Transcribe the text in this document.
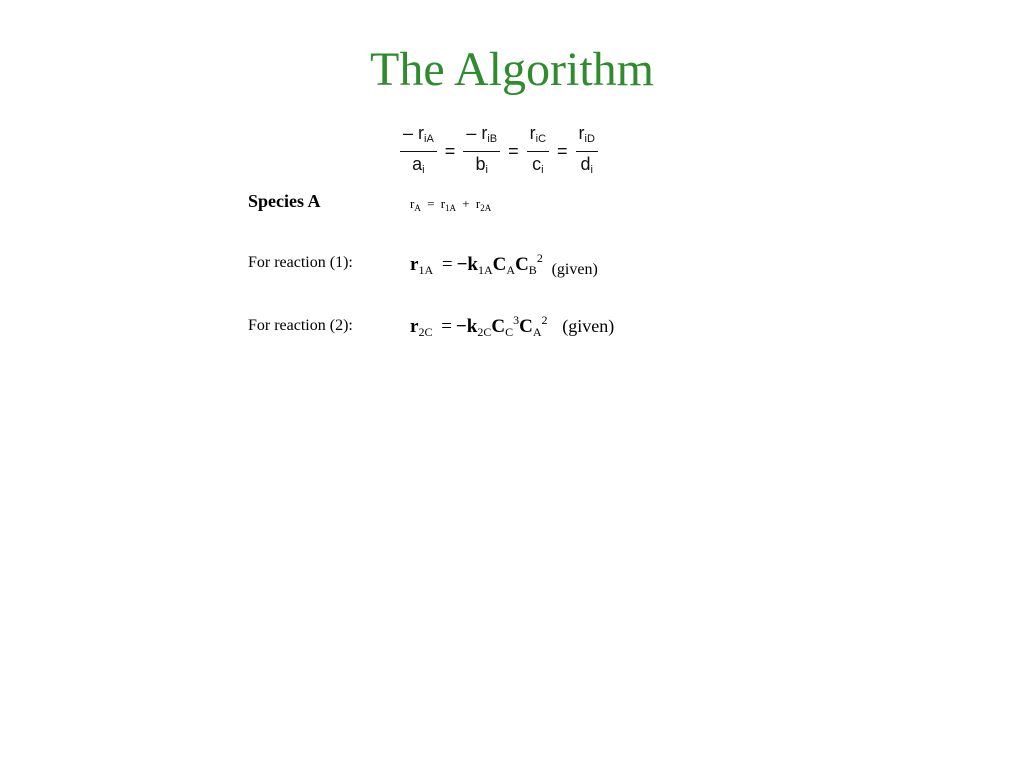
The Algorithm
$\frac{- r_{iA}}{a_i} = \frac{- r_{iB}}{b_i} = \frac{r_{iC}}{c_i} = \frac{r_{iD}}{d_i}$
Species A	$r_A = r_{1A} + r_{2A}$
For reaction (1):	$r_{1A} = -k_{1A}C_AC_B^2$ $_{(given)}$
For reaction (2):	$r_{2C} = -k_{2C}C_C^3C_A^2$ (given)
